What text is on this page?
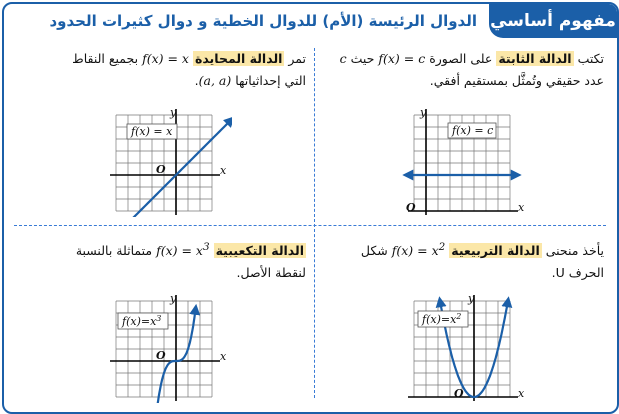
مفهوم أساسي
الدوال الرئيسة (الأم) للدوال الخطية و دوال كثيرات الحدود
تكتب الدالة الثابتة على الصورة f(x) = c حيث c
عدد حقيقي وتُمثَّل بمستقيم أفقي.
تمر الدالة المحايدة f(x) = x بجميع النقاط
التي إحداثياتها (a, a).
يأخذ منحنى الدالة التربيعية $f(x) = x^2$ شكل
الحرف U.
الدالة التكعيبية $f(x) = x^3$ متماثلة بالنسبة
لنقطة الأصل.
f(x) = x
y
x
O
f(x) = c
y
x
O
$f(x)=x^3$
y
x
O
$f(x)=x^2$
y
x
O
